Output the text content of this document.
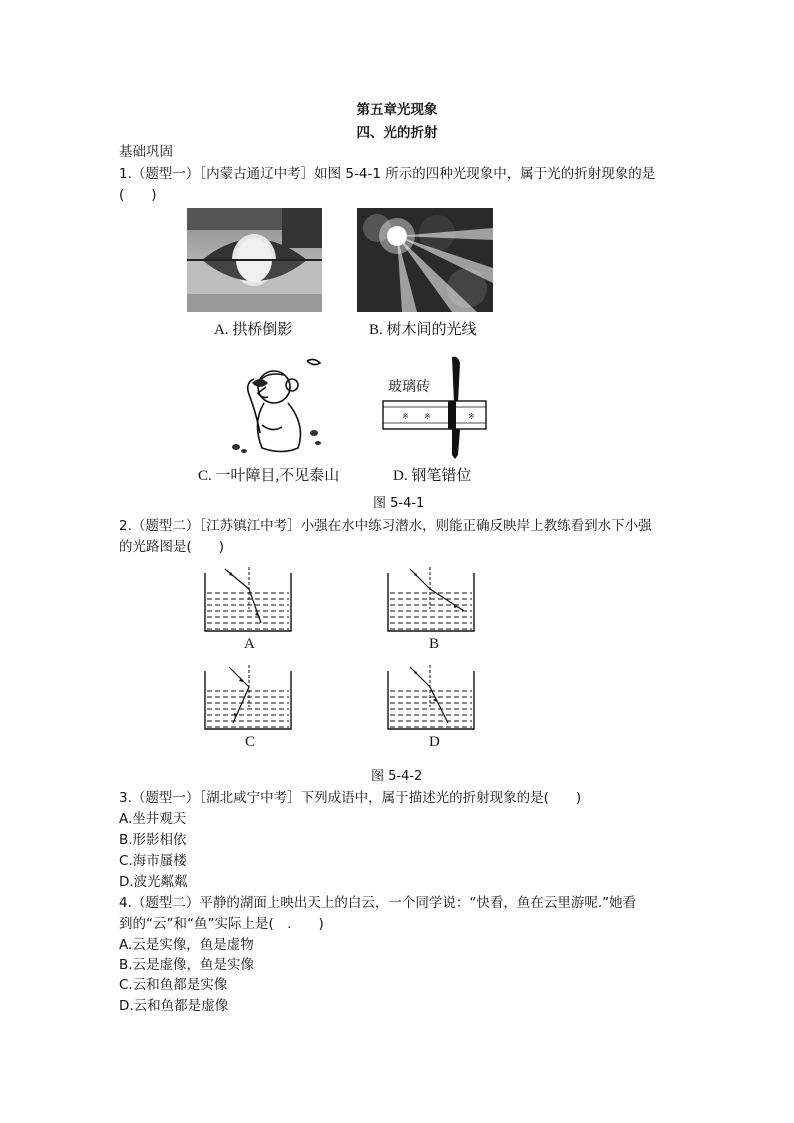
第五章光现象
四、光的折射
基础巩固
1.（题型一）［内蒙古通辽中考］如图 5-4-1 所示的四种光现象中，属于光的折射现象的是
(　　)
A. 拱桥倒影	B. 树木间的光线
※ ※	※
玻璃砖
C. 一叶障目,不见泰山	D. 钢笔错位
图 5-4-1
2.（题型二）［江苏镇江中考］小强在水中练习潜水，则能正确反映岸上教练看到水下小强
的光路图是(　　)
A	B
C	D
图 5-4-2
3.（题型一）［湖北咸宁中考］下列成语中，属于描述光的折射现象的是(　　)
A.坐井观天
B.形影相依
C.海市蜃楼
D.波光粼粼
4.（题型二）平静的湖面上映出天上的白云，一个同学说：“快看，鱼在云里游呢.”她看
到的“云”和“鱼”实际上是(　.　　)
A.云是实像，鱼是虚物
B.云是虚像，鱼是实像
C.云和鱼都是实像
D.云和鱼都是虚像
